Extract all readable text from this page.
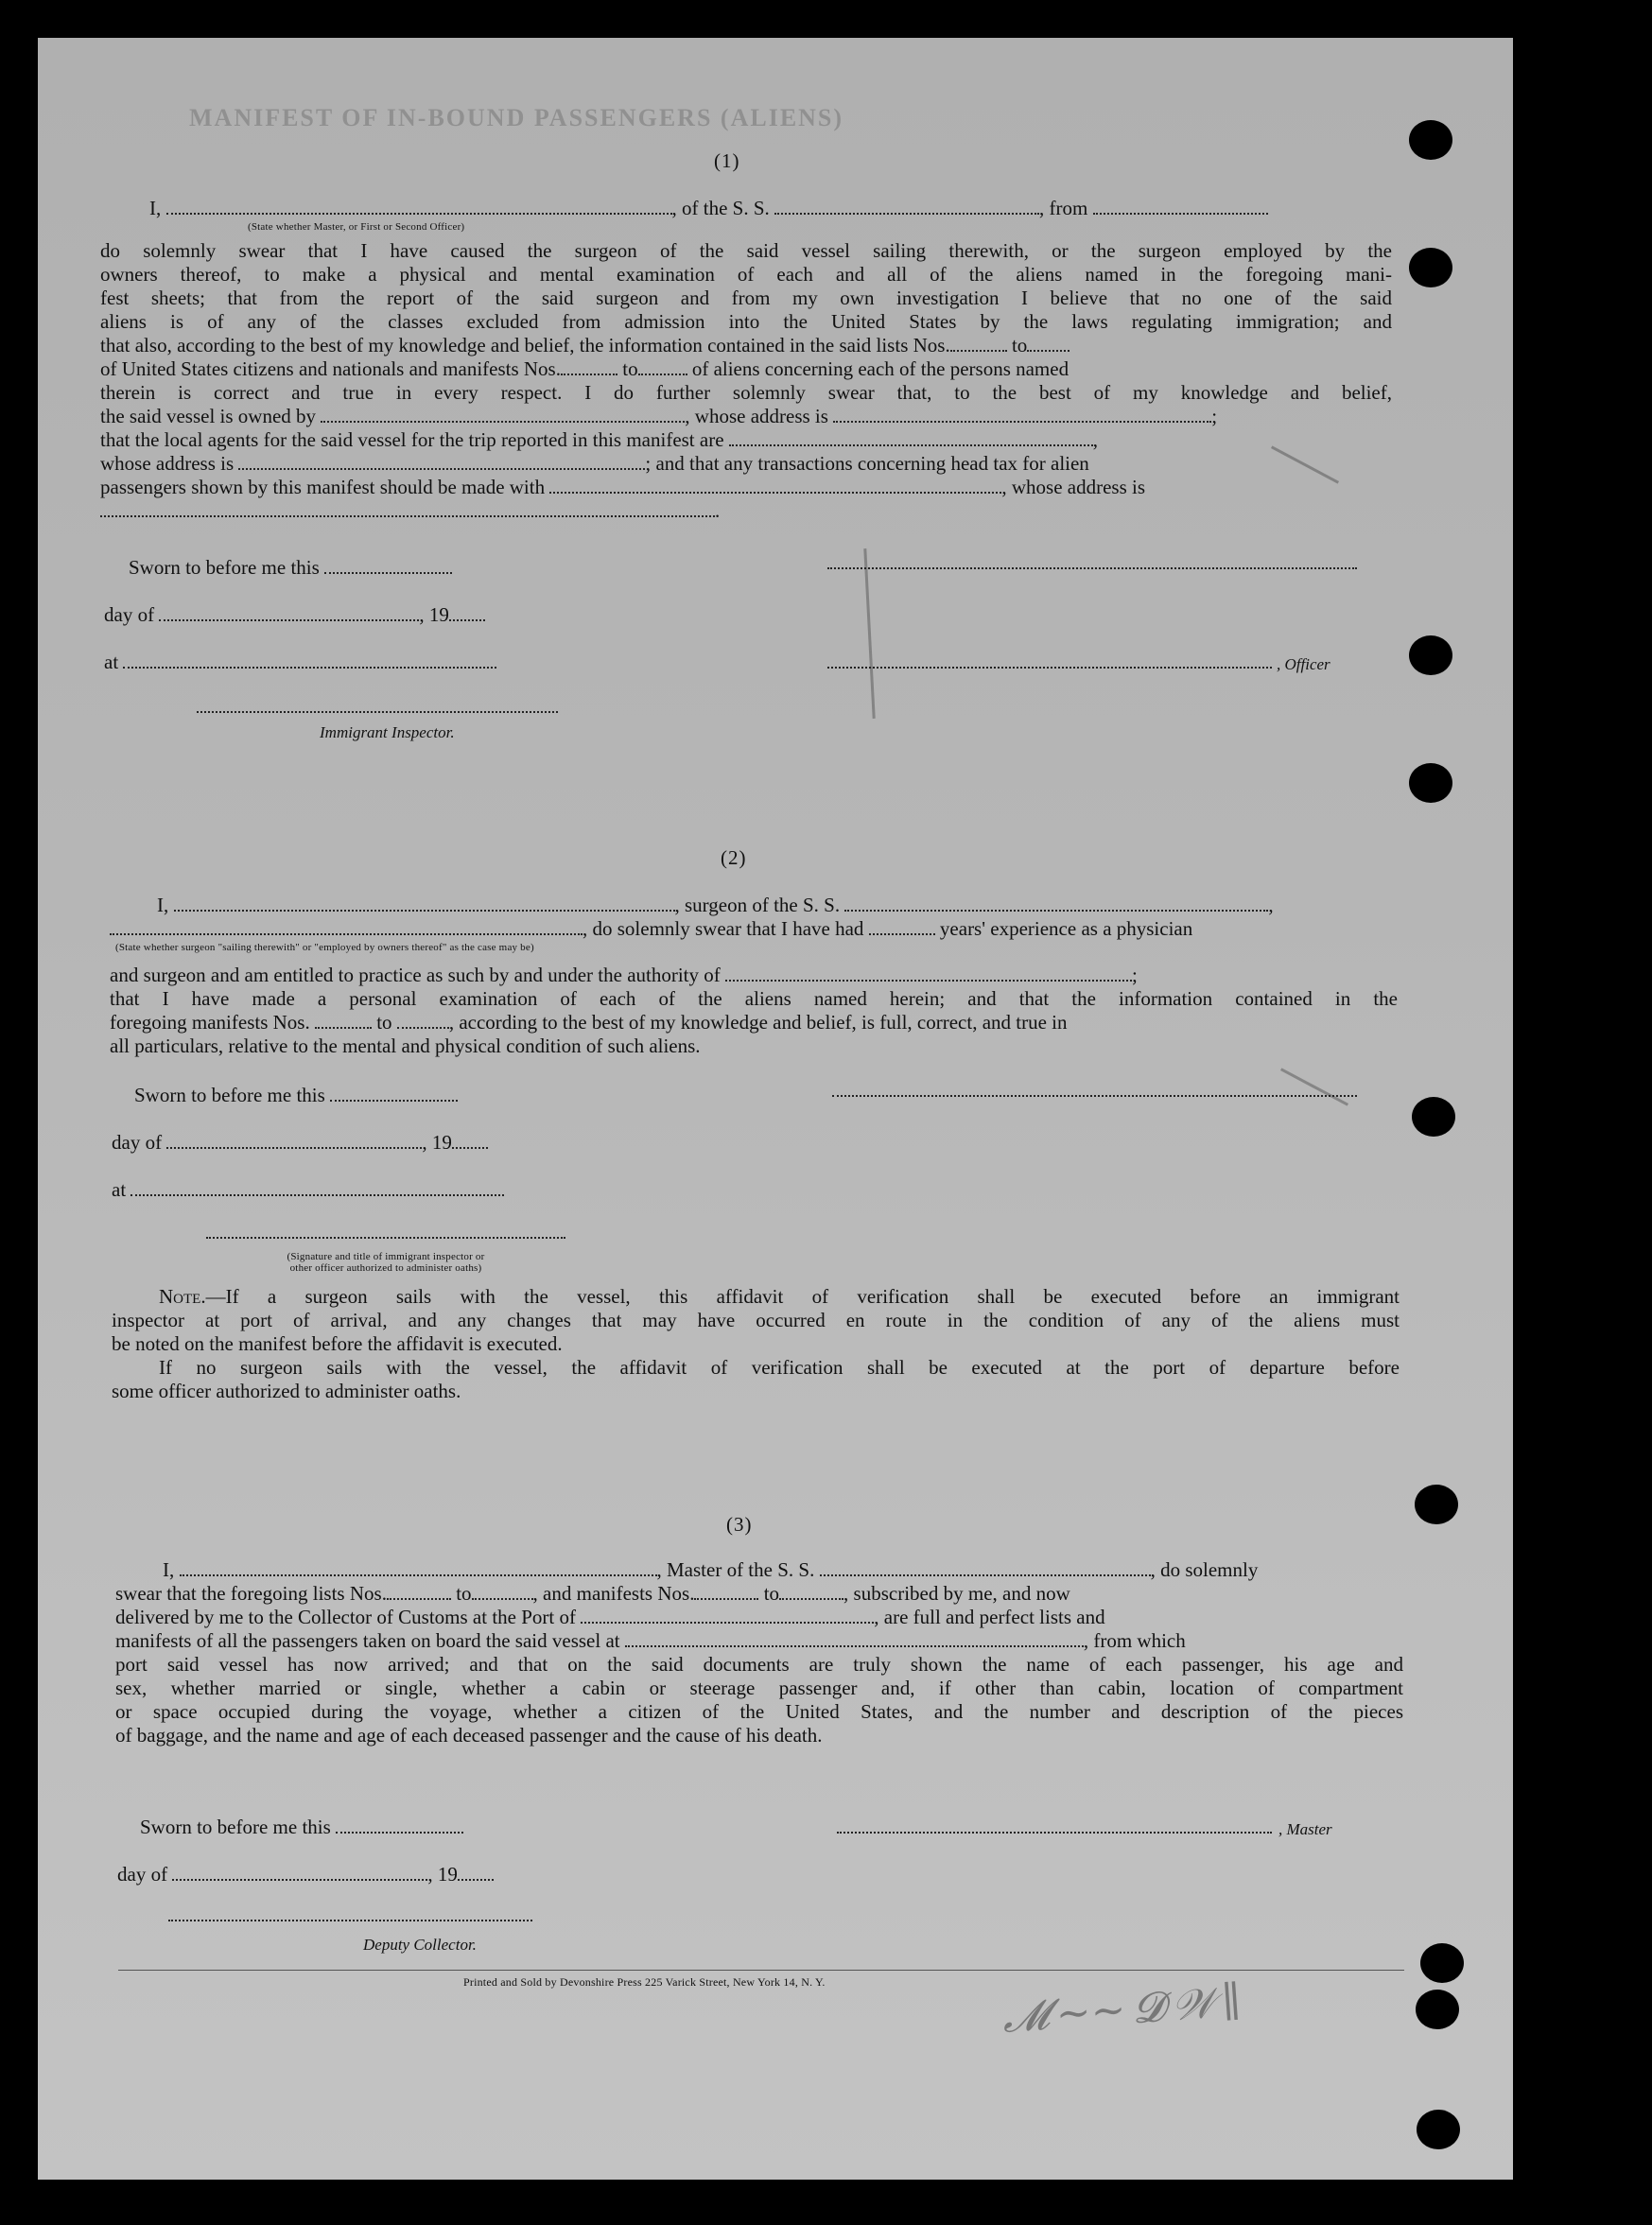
MANIFEST OF IN-BOUND PASSENGERS (ALIENS)
(1)
I,	, of the S. S.	, from
(State whether Master, or First or Second Officer)
do solemnly swear that I have caused the surgeon of the said vessel sailing therewith, or the surgeon employed by the
owners thereof, to make a physical and mental examination of each and all of the aliens named in the foregoing mani-
fest sheets; that from the report of the said surgeon and from my own investigation I believe that no one of the said
aliens is of any of the classes excluded from admission into the United States by the laws regulating immigration; and
that also, according to the best of my knowledge and belief, the information contained in the said lists Nos.	to
of United States citizens and nationals and manifests Nos.	to	of aliens concerning each of the persons named
therein is correct and true in every respect. I do further solemnly swear that, to the best of my knowledge and belief,
the said vessel is owned by	, whose address is	;
that the local agents for the said vessel for the trip reported in this manifest are	,
whose address is	; and that any transactions concerning head tax for alien
passengers shown by this manifest should be made with	, whose address is
.
Sworn to before me this
day of	, 19
at	, Officer
Immigrant Inspector.
(2)
I,	, surgeon of the S. S.	,
, do solemnly swear that I have had	years' experience as a physician
(State whether surgeon "sailing therewith" or "employed by owners thereof" as the case may be)
and surgeon and am entitled to practice as such by and under the authority of	;
that I have made a personal examination of each of the aliens named herein; and that the information contained in the
foregoing manifests Nos.	to	, according to the best of my knowledge and belief, is full, correct, and true in
all particulars, relative to the mental and physical condition of such aliens.
Sworn to before me this
day of	, 19
at
(Signature and title of immigrant inspector or
other officer authorized to administer oaths)
Note.—If a surgeon sails with the vessel, this affidavit of verification shall be executed before an immigrant
inspector at port of arrival, and any changes that may have occurred en route in the condition of any of the aliens must
be noted on the manifest before the affidavit is executed.
If no surgeon sails with the vessel, the affidavit of verification shall be executed at the port of departure before
some officer authorized to administer oaths.
(3)
I,	, Master of the S. S.	, do solemnly
swear that the foregoing lists Nos.	to	, and manifests Nos.	to	, subscribed by me, and now
delivered by me to the Collector of Customs at the Port of	, are full and perfect lists and
manifests of all the passengers taken on board the said vessel at	, from which
port said vessel has now arrived; and that on the said documents are truly shown the name of each passenger, his age and
sex, whether married or single, whether a cabin or steerage passenger and, if other than cabin, location of compartment
or space occupied during the voyage, whether a citizen of the United States, and the number and description of the pieces
of baggage, and the name and age of each deceased passenger and the cause of his death.
Sworn to before me this	, Master
day of	, 19
Deputy Collector.
Printed and Sold by Devonshire Press 225 Varick Street, New York 14, N. Y.	𝓜 ∼∼ 𝓓 𝒲 ∥
